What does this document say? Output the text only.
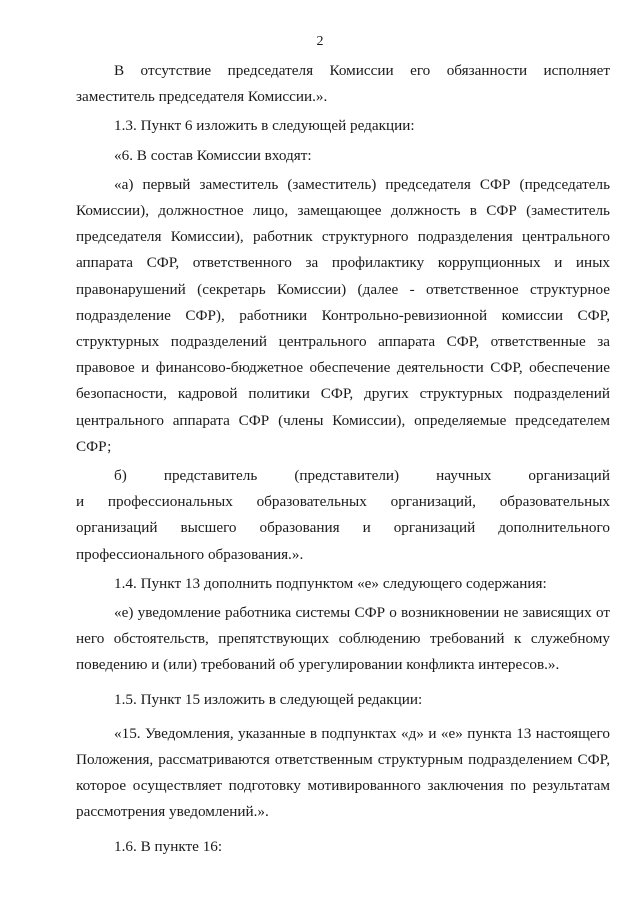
2

В отсутствие председателя Комиссии его обязанности исполняет заместитель председателя Комиссии.».

1.3. Пункт 6 изложить в следующей редакции:

«6. В состав Комиссии входят:

«а) первый заместитель (заместитель) председателя СФР (председатель Комиссии), должностное лицо, замещающее должность в СФР (заместитель председателя Комиссии), работник структурного подразделения центрального аппарата СФР, ответственного за профилактику коррупционных и иных правонарушений (секретарь Комиссии) (далее - ответственное структурное подразделение СФР), работники Контрольно-ревизионной комиссии СФР, структурных подразделений центрального аппарата СФР, ответственные за правовое и финансово-бюджетное обеспечение деятельности СФР, обеспечение безопасности, кадровой политики СФР, других структурных подразделений центрального аппарата СФР (члены Комиссии), определяемые председателем СФР;

б) представитель (представители) научных организаций
и профессиональных образовательных организаций, образовательных
организаций высшего образования и организаций дополнительного

профессионального образования.».

1.4. Пункт 13 дополнить подпунктом «е» следующего содержания:

«е) уведомление работника системы СФР о возникновении не зависящих от него обстоятельств, препятствующих соблюдению требований к служебному поведению и (или) требований об урегулировании конфликта интересов.».

1.5. Пункт 15 изложить в следующей редакции:

«15. Уведомления, указанные в подпунктах «д» и «е» пункта 13 настоящего Положения, рассматриваются ответственным структурным подразделением СФР, которое осуществляет подготовку мотивированного заключения по результатам рассмотрения уведомлений.».

1.6. В пункте 16:
